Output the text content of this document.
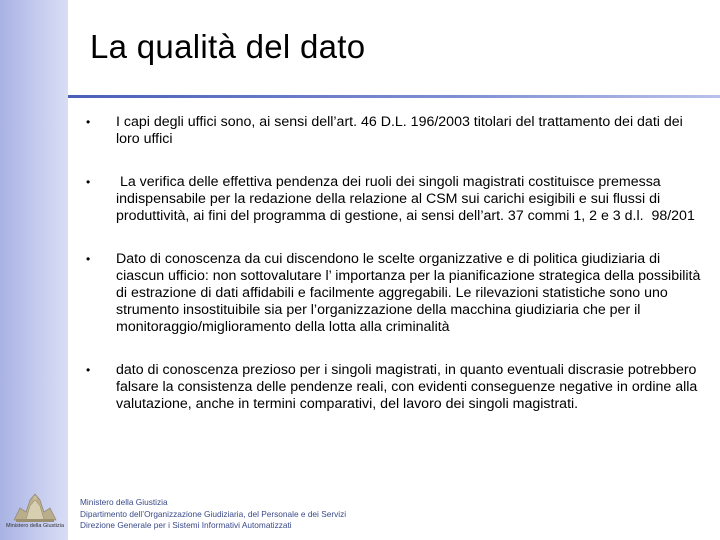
La qualità del dato
• I capi degli uffici sono, ai sensi dell’art. 46 D.L. 196/2003 titolari del trattamento dei dati dei loro uffici
• La verifica delle effettiva pendenza dei ruoli dei singoli magistrati costituisce premessa indispensabile per la redazione della relazione al CSM sui carichi esigibili e sui flussi di produttività, ai fini del programma di gestione, ai sensi dell’art. 37 commi 1, 2 e 3 d.l.  98/201
• Dato di conoscenza da cui discendono le scelte organizzative e di politica giudiziaria di ciascun ufficio: non sottovalutare l’ importanza per la pianificazione strategica della possibilità di estrazione di dati affidabili e facilmente aggregabili. Le rilevazioni statistiche sono uno strumento insostituibile sia per l’organizzazione della macchina giudiziaria che per il monitoraggio/miglioramento della lotta alla criminalità
• dato di conoscenza prezioso per i singoli magistrati, in quanto eventuali discrasie potrebbero falsare la consistenza delle pendenze reali, con evidenti conseguenze negative in ordine alla valutazione, anche in termini comparativi, del lavoro dei singoli magistrati.
Ministero della Giustizia
Ministero della Giustizia
Dipartimento dell’Organizzazione Giudiziaria, del Personale e dei Servizi
Direzione Generale per i Sistemi Informativi Automatizzati
